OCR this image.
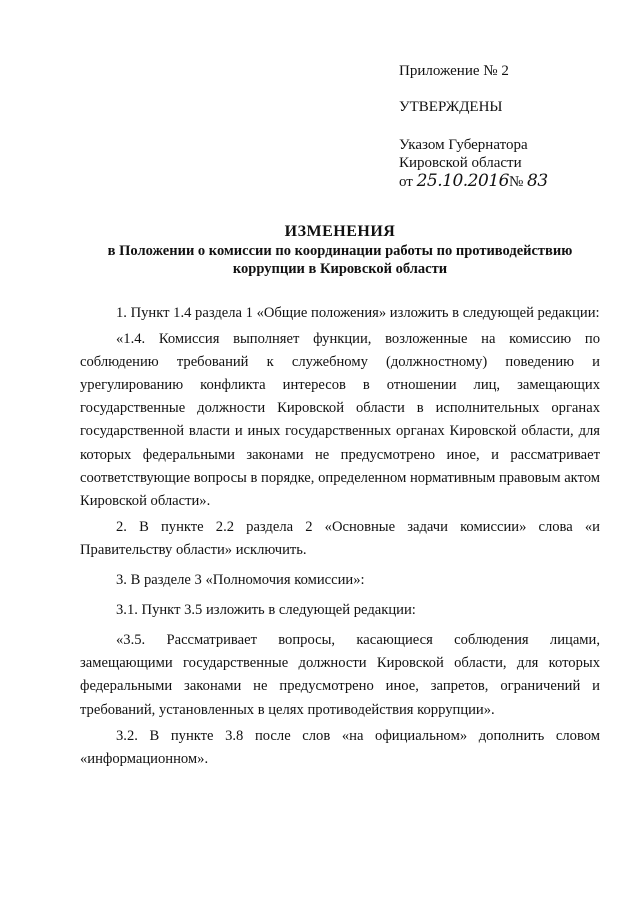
Приложение № 2
УТВЕРЖДЕНЫ
Указом Губернатора
Кировской области
от 25.10.2016№ 83
ИЗМЕНЕНИЯ
в Положении о комиссии по координации работы по противодействию
коррупции в Кировской области

1. Пункт 1.4 раздела 1 «Общие положения» изложить в следующей редакции:

«1.4. Комиссия выполняет функции, возложенные на комиссию по соблюдению требований к служебному (должностному) поведению и урегулированию конфликта интересов в отношении лиц, замещающих государственные должности Кировской области в исполнительных органах государственной власти и иных государственных органах Кировской области, для которых федеральными законами не предусмотрено иное, и рассматривает соответствующие вопросы в порядке, определенном нормативным правовым актом Кировской области».

2. В пункте 2.2 раздела 2 «Основные задачи комиссии» слова «и Правительству области» исключить.

3. В разделе 3 «Полномочия комиссии»:

3.1. Пункт 3.5 изложить в следующей редакции:

«3.5. Рассматривает вопросы, касающиеся соблюдения лицами, замещающими государственные должности Кировской области, для которых федеральными законами не предусмотрено иное, запретов, ограничений и требований, установленных в целях противодействия коррупции».

3.2. В пункте 3.8 после слов «на официальном» дополнить словом «информационном».
